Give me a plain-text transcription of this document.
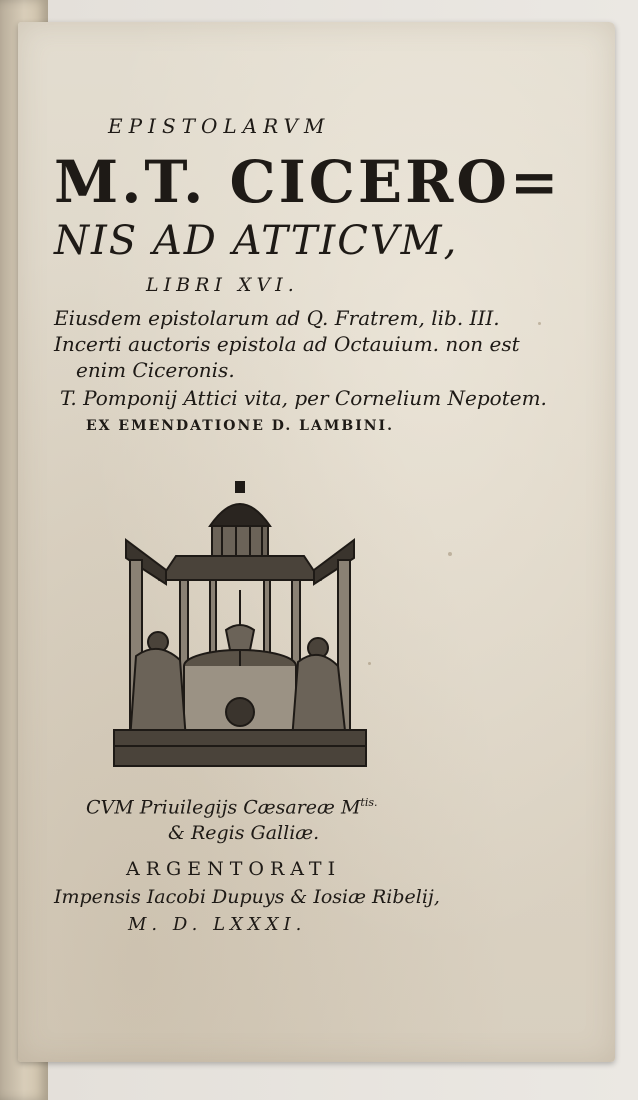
EPISTOLARVM
M.T. CICERO=
NIS AD ATTICVM,
LIBRI XVI.
Eiusdem epistolarum ad Q. Fratrem, lib. III.
Incerti auctoris epistola ad Octauium. non est
enim Ciceronis.
T. Pomponij Attici vita, per Cornelium Nepotem.
EX EMENDATIONE D. LAMBINI.
CVM Priuilegijs Cæsareæ $M^{tis.}$
& Regis Galliæ.
ARGENTORATI
Impensis Iacobi Dupuys & Iosiæ Ribelij,
M. D. LXXXI.
